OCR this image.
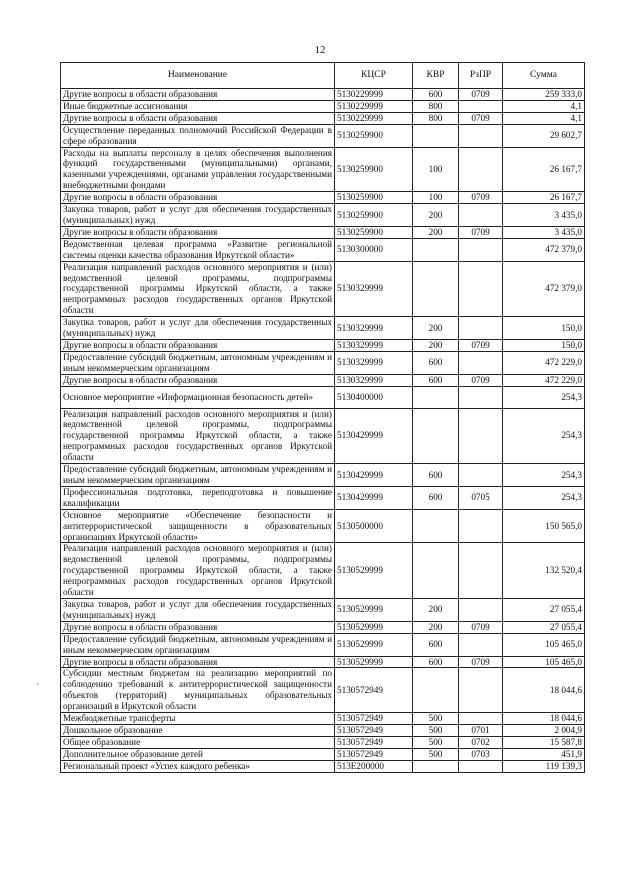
12
`
Наименование	КЦСР	КВР	РзПР	Сумма
Другие вопросы в области образования	5130229999	600	0709	259 333,0
Иные бюджетные ассигнования	5130229999	800		4,1
Другие вопросы в области образования	5130229999	800	0709	4,1
Осуществление переданных полномочий Российской Федерации в сфере образования	5130259900			29 602,7
Расходы на выплаты персоналу в целях обеспечения выполнения функций государственными (муниципальными) органами, казенными учреждениями, органами управления государственными внебюджетными фондами	5130259900	100		26 167,7
Другие вопросы в области образования	5130259900	100	0709	26 167,7
Закупка товаров, работ и услуг для обеспечения государственных (муниципальных) нужд	5130259900	200		3 435,0
Другие вопросы в области образования	5130259900	200	0709	3 435,0
Ведомственная целевая программа «Развитие региональной системы оценки качества образования Иркутской области»	5130300000			472 379,0
Реализация направлений расходов основного мероприятия и (или) ведомственной целевой программы, подпрограммы государственной программы Иркутской области, а также непрограммных расходов государственных органов Иркутской области	5130329999			472 379,0
Закупка товаров, работ и услуг для обеспечения государственных (муниципальных) нужд	5130329999	200		150,0
Другие вопросы в области образования	5130329999	200	0709	150,0
Предоставление субсидий бюджетным, автономным учреждениям и иным некоммерческим организациям	5130329999	600		472 229,0
Другие вопросы в области образования	5130329999	600	0709	472 229,0
Основное мероприятие «Информационная безопасность детей»	5130400000			254,3
Реализация направлений расходов основного мероприятия и (или) ведомственной целевой программы, подпрограммы государственной программы Иркутской области, а также непрограммных расходов государственных органов Иркутской области	5130429999			254,3
Предоставление субсидий бюджетным, автономным учреждениям и иным некоммерческим организациям	5130429999	600		254,3
Профессиональная подготовка, переподготовка и повышение квалификации	5130429999	600	0705	254,3
Основное мероприятие «Обеспечение безопасности и антитеррористической защищенности в образовательных организациях Иркутской области»	5130500000			150 565,0
Реализация направлений расходов основного мероприятия и (или) ведомственной целевой программы, подпрограммы государственной программы Иркутской области, а также непрограммных расходов государственных органов Иркутской области	5130529999			132 520,4
Закупка товаров, работ и услуг для обеспечения государственных (муниципальных) нужд	5130529999	200		27 055,4
Другие вопросы в области образования	5130529999	200	0709	27 055,4
Предоставление субсидий бюджетным, автономным учреждениям и иным некоммерческим организациям	5130529999	600		105 465,0
Другие вопросы в области образования	5130529999	600	0709	105 465,0
Субсидии местным бюджетам на реализацию мероприятий по соблюдению требований к антитеррористической защищенности объектов (территорий) муниципальных образовательных организаций в Иркутской области	5130572949			18 044,6
Межбюджетные трансферты	5130572949	500		18 044,6
Дошкольное образование	5130572949	500	0701	2 004,9
Общее образование	5130572949	500	0702	15 587,8
Дополнительное образование детей	5130572949	500	0703	451,9
Региональный проект «Успех каждого ребенка»	513Е200000			119 139,3
